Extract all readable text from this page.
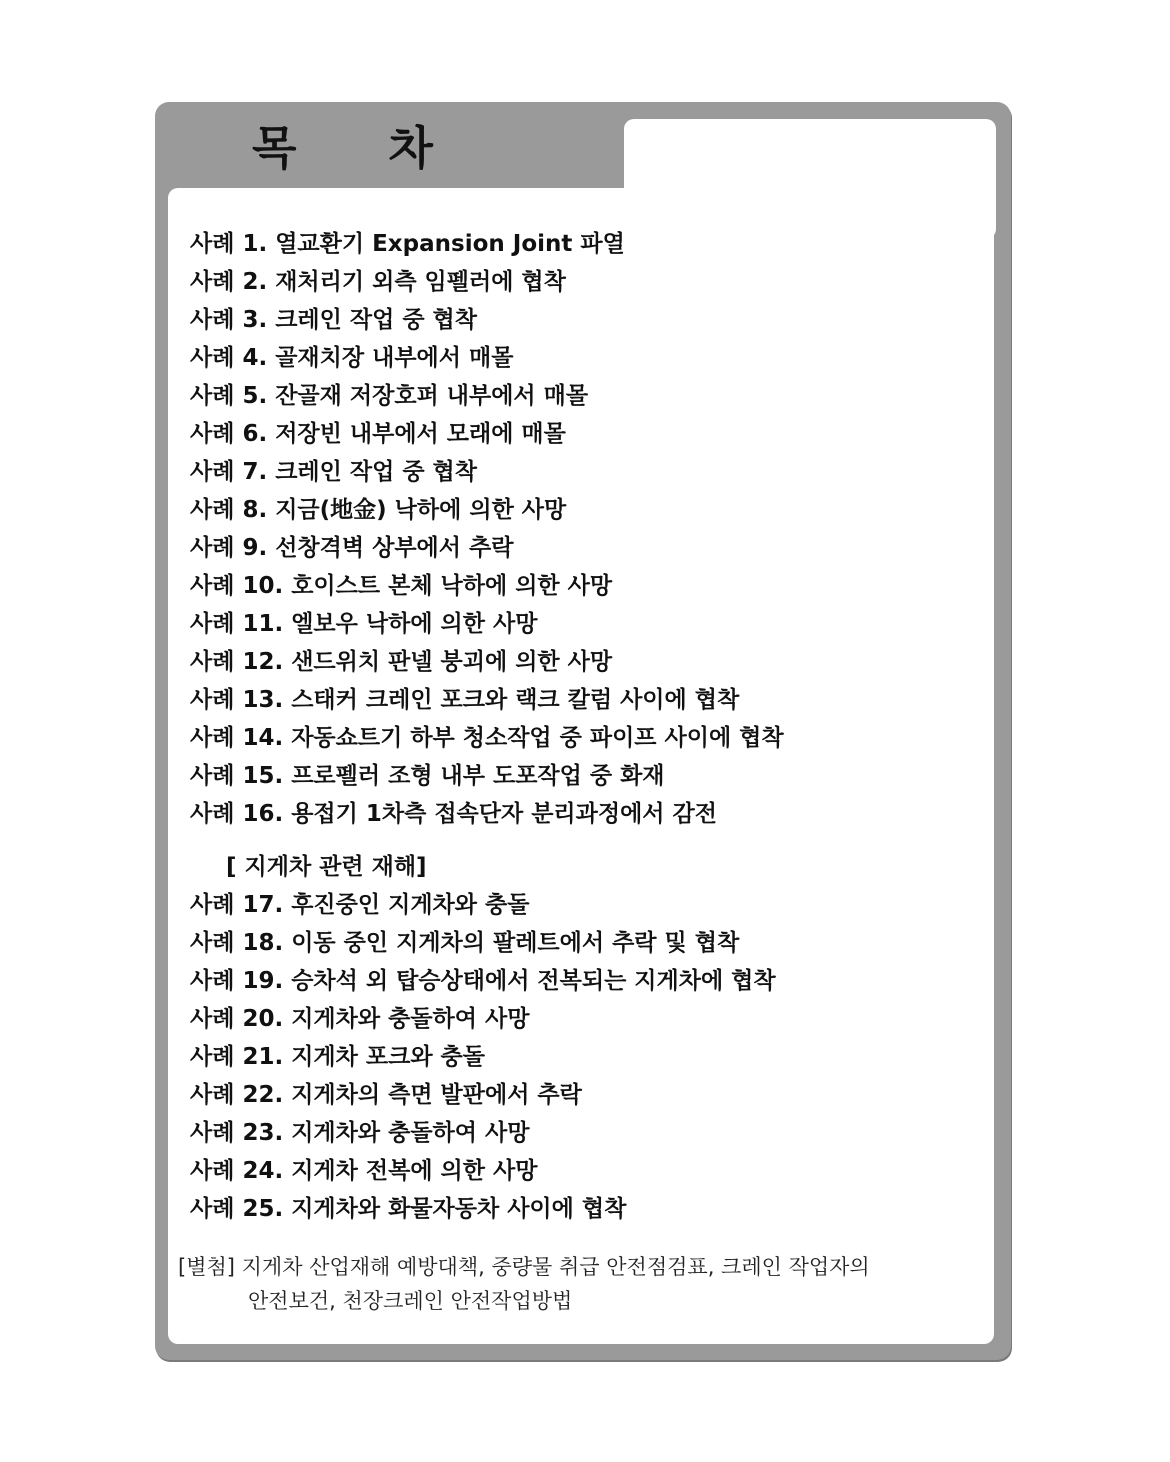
목 차
사례 1. 열교환기 Expansion Joint 파열
사례 2. 재처리기 외측 임펠러에 협착
사례 3. 크레인 작업 중 협착
사례 4. 골재치장 내부에서 매몰
사례 5. 잔골재 저장호퍼 내부에서 매몰
사례 6. 저장빈 내부에서 모래에 매몰
사례 7. 크레인 작업 중 협착
사례 8. 지금(地金) 낙하에 의한 사망
사례 9. 선창격벽 상부에서 추락
사례 10. 호이스트 본체 낙하에 의한 사망
사례 11. 엘보우 낙하에 의한 사망
사례 12. 샌드위치 판넬 붕괴에 의한 사망
사례 13. 스태커 크레인 포크와 랙크 칼럼 사이에 협착
사례 14. 자동쇼트기 하부 청소작업 중 파이프 사이에 협착
사례 15. 프로펠러 조형 내부 도포작업 중 화재
사례 16. 용접기 1차측 접속단자 분리과정에서 감전
[ 지게차 관련 재해]
사례 17. 후진중인 지게차와 충돌
사례 18. 이동 중인 지게차의 팔레트에서 추락 및 협착
사례 19. 승차석 외 탑승상태에서 전복되는 지게차에 협착
사례 20. 지게차와 충돌하여 사망
사례 21. 지게차 포크와 충돌
사례 22. 지게차의 측면 발판에서 추락
사례 23. 지게차와 충돌하여 사망
사례 24. 지게차 전복에 의한 사망
사례 25. 지게차와 화물자동차 사이에 협착
[별첨] 지게차 산업재해 예방대책, 중량물 취급 안전점검표, 크레인 작업자의
안전보건, 천장크레인 안전작업방법
